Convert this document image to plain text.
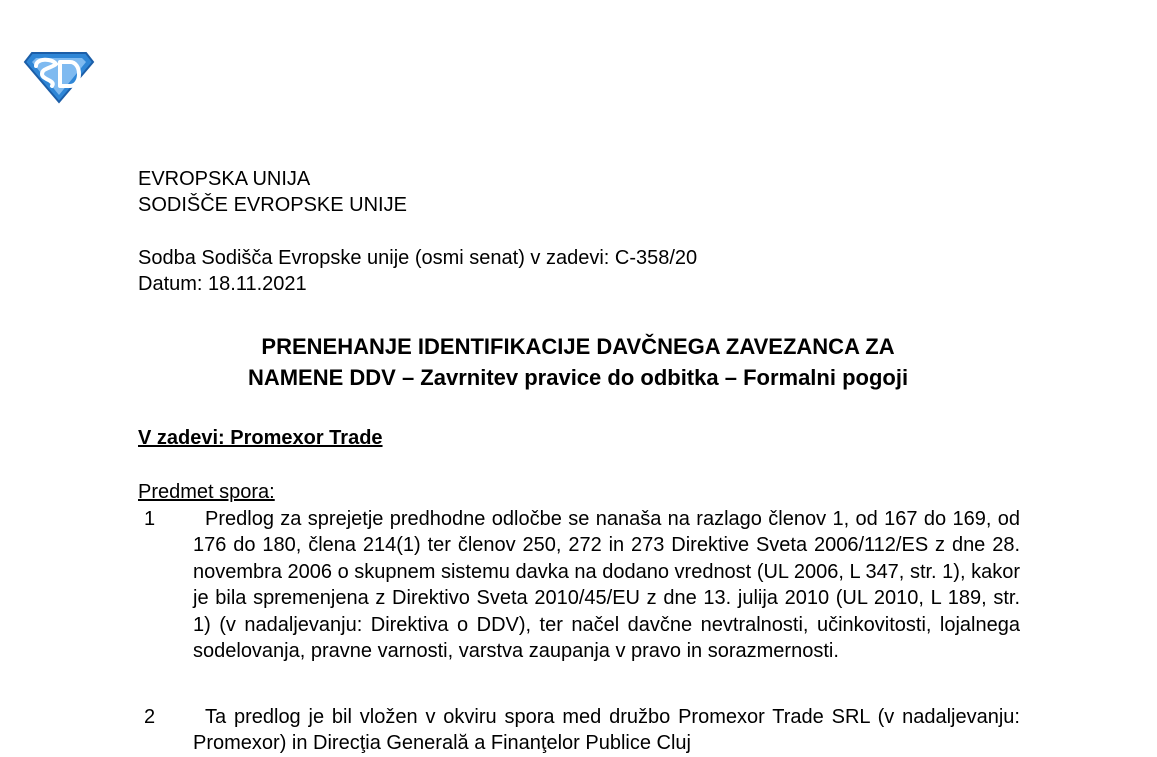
EVROPSKA UNIJA
SODIŠČE EVROPSKE UNIJE
Sodba Sodišča Evropske unije (osmi senat) v zadevi: C-358/20
Datum: 18.11.2021
PRENEHANJE IDENTIFIKACIJE DAVČNEGA ZAVEZANCA ZA
NAMENE DDV – Zavrnitev pravice do odbitka – Formalni pogoji
V zadevi: Promexor Trade
Predmet spora:
1	Predlog za sprejetje predhodne odločbe se nanaša na razlago členov 1, od 167 do 169, od 176 do 180, člena 214(1) ter členov 250, 272 in 273 Direktive Sveta 2006/112/ES z dne 28. novembra 2006 o skupnem sistemu davka na dodano vrednost (UL 2006, L 347, str. 1), kakor je bila spremenjena z Direktivo Sveta 2010/45/EU z dne 13. julija 2010 (UL 2010, L 189, str. 1) (v nadaljevanju: Direktiva o DDV), ter načel davčne nevtralnosti, učinkovitosti, lojalnega sodelovanja, pravne varnosti, varstva zaupanja v pravo in sorazmernosti.
2	Ta predlog je bil vložen v okviru spora med družbo Promexor Trade SRL (v nadaljevanju: Promexor) in Direcţia Generală a Finanţelor Publice Cluj
